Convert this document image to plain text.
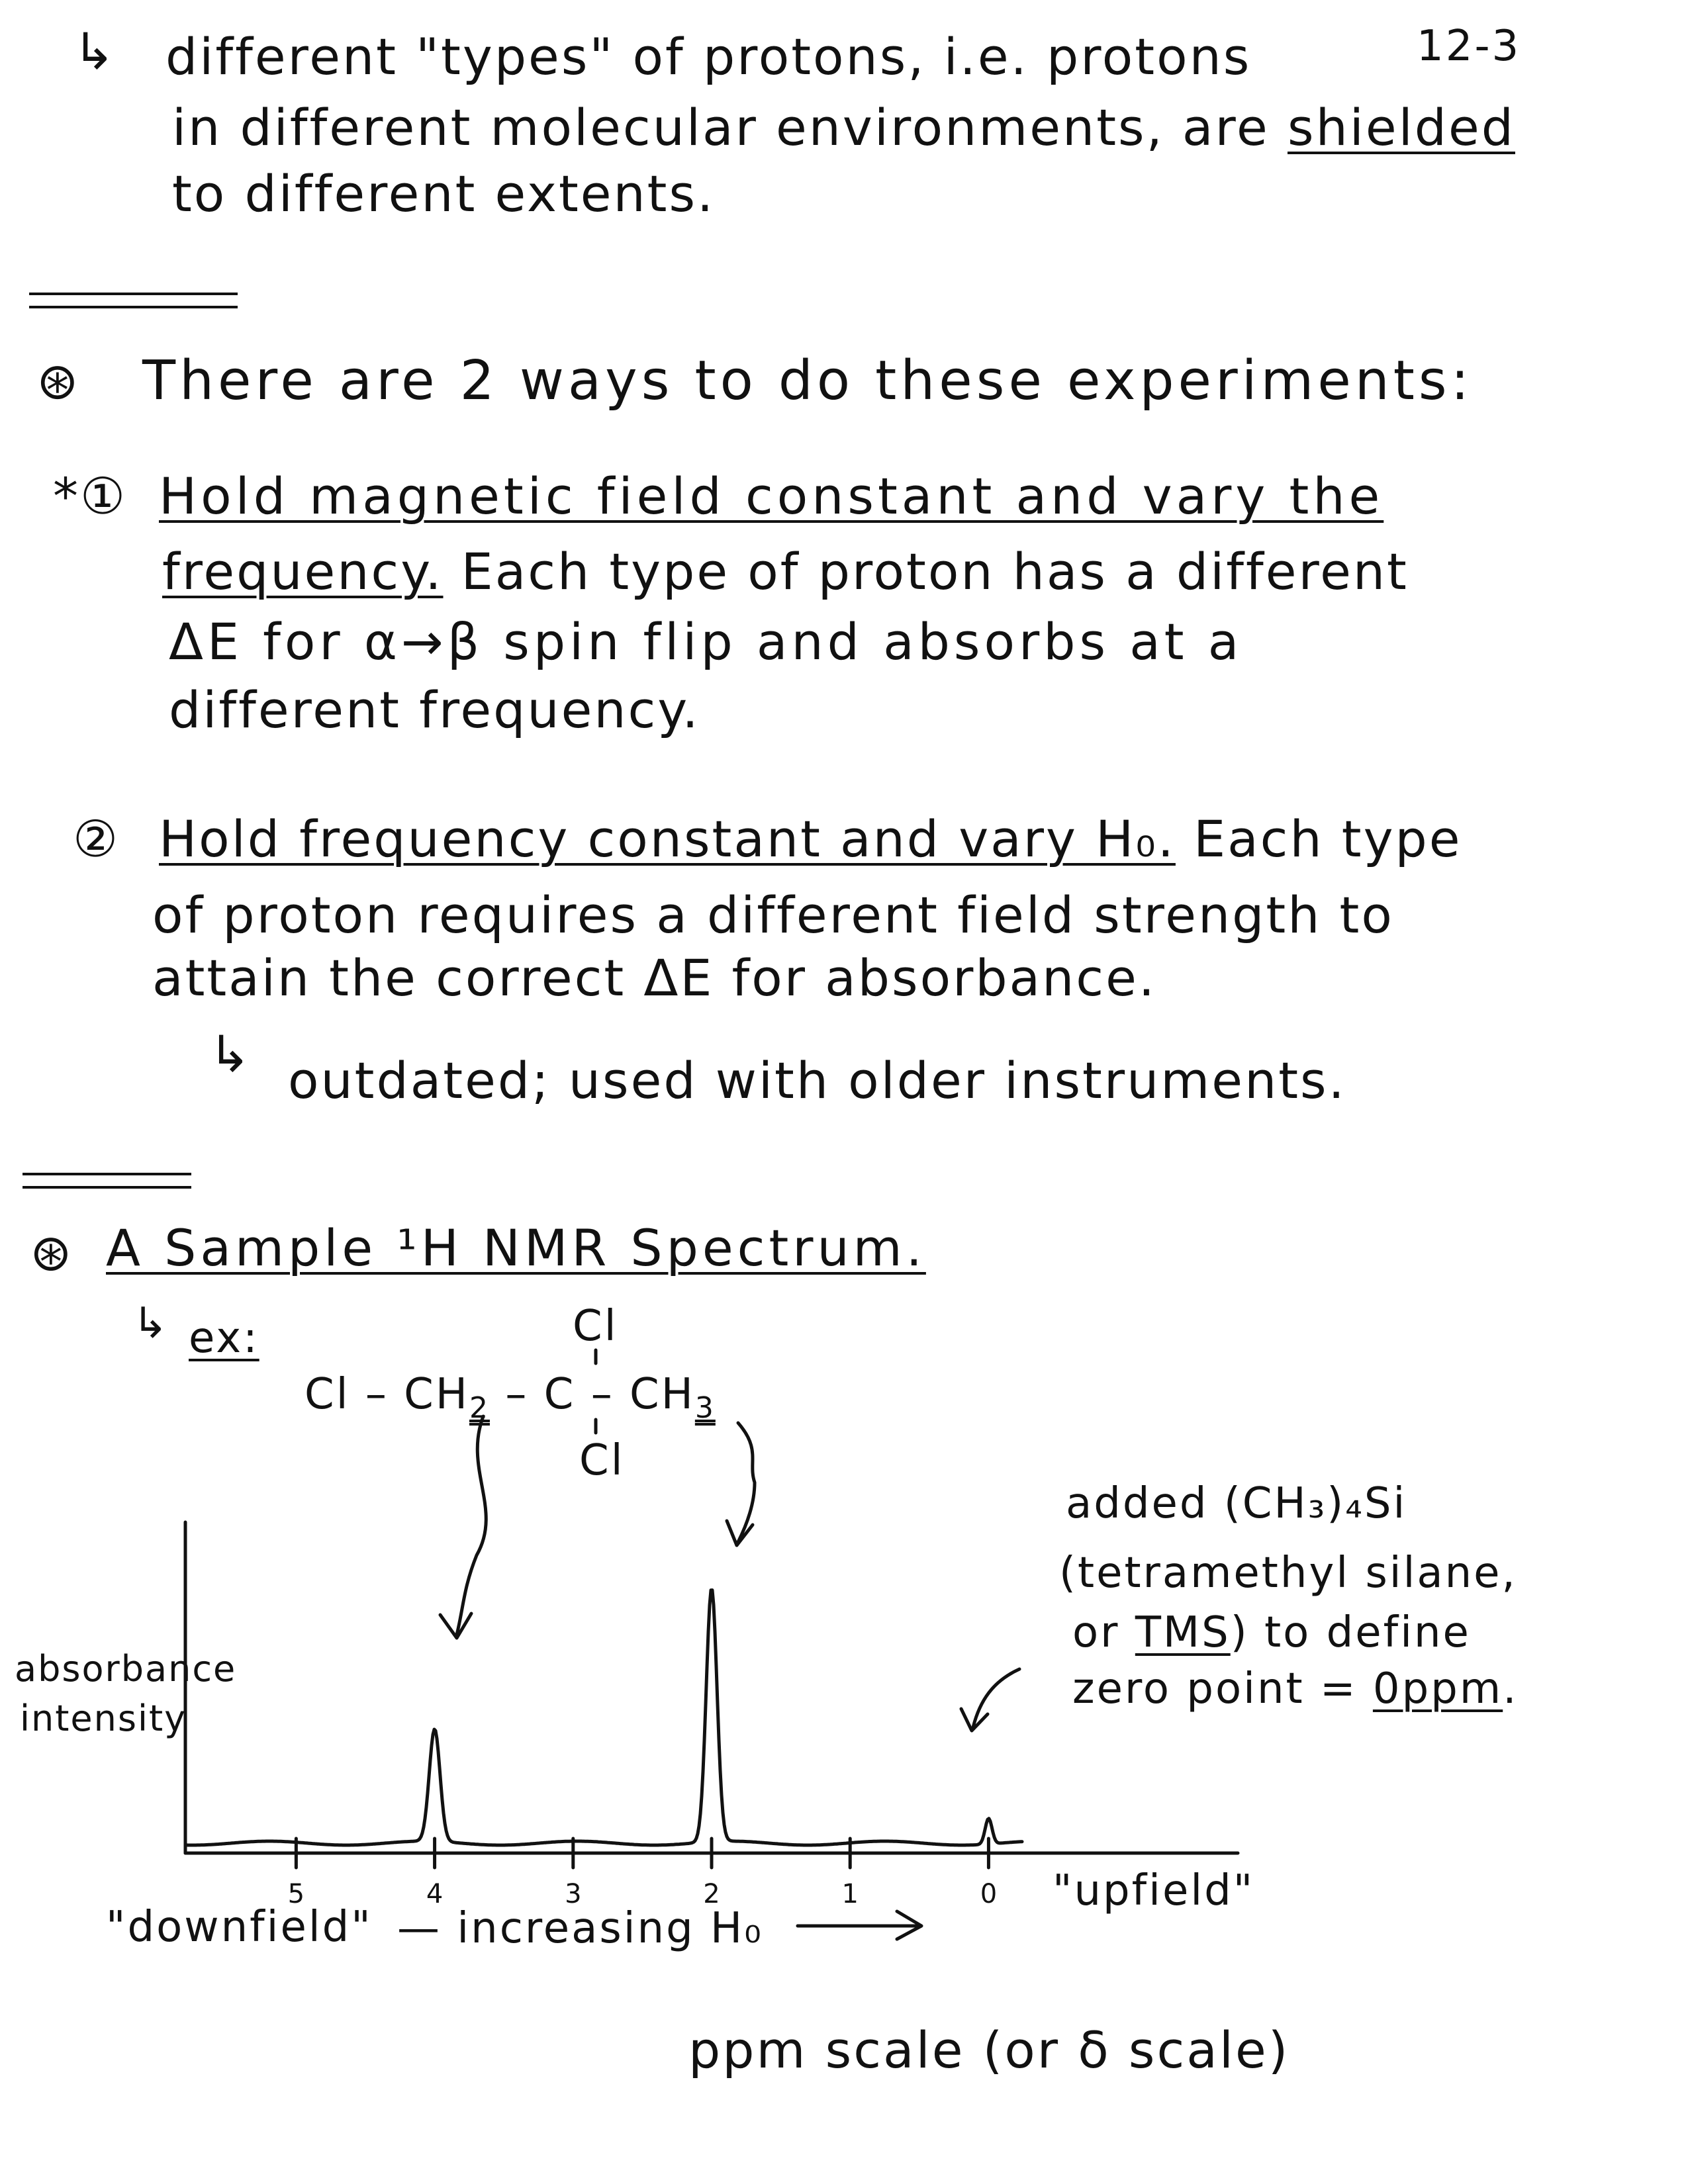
12-3
↳ different "types" of protons, i.e. protons
in different molecular environments, are shielded
to different extents.
⊛ There are 2 ways to do these experiments:
*① Hold magnetic field constant and vary the
frequency. Each type of proton has a different
ΔE for α→β spin flip and absorbs at a
different frequency.
② Hold frequency constant and vary H₀. Each type
of proton requires a different field strength to
attain the correct ΔE for absorbance.
↳ outdated; used with older instruments.
⊛ A Sample ¹H NMR Spectrum.
↳ ex:	Cl
Cl – $CH_2$ – C – $CH_3$
Cl
added (CH₃)₄Si
(tetramethyl silane,
or TMS) to define
zero point = 0ppm.
absorbance
intensity
"downfield" — increasing H₀
"upfield"
ppm scale (or δ scale)
5	4	3	2	1	0
